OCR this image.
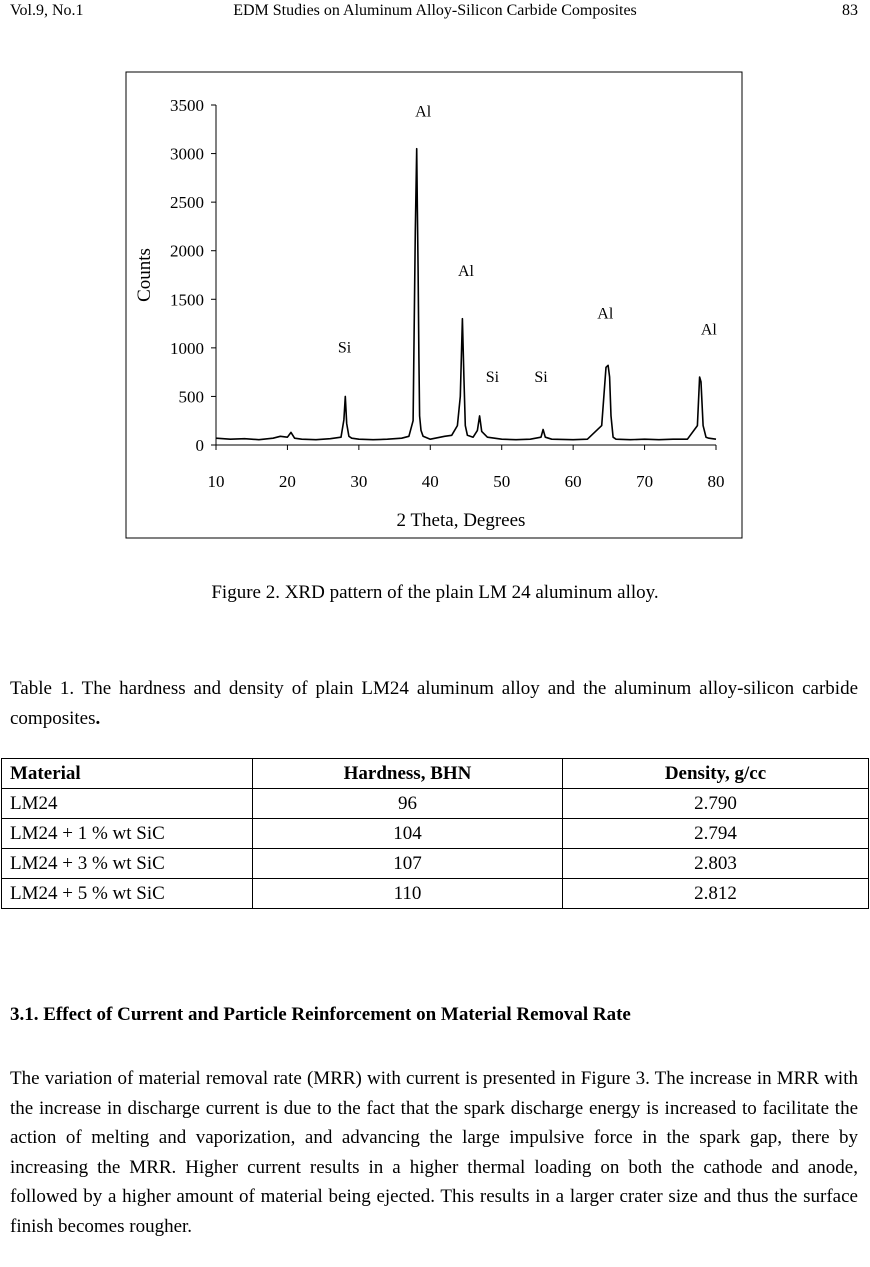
Vol.9, No.1	EDM Studies on Aluminum Alloy-Silicon Carbide Composites	83
0
500
1000
1500
2000
2500
3000
3500
10	20	30	40	50	60	70	80
2 Theta, Degrees
Counts
Si
Al
Al
Si Si
Al
Al
Figure 2. XRD pattern of the plain LM 24 aluminum alloy.
Table 1. The hardness and density of plain LM24 aluminum alloy and the aluminum alloy-silicon carbide composites.
Material	Hardness, BHN	Density, g/cc
LM24	96	2.790
LM24 + 1 % wt SiC	104	2.794
LM24 + 3 % wt SiC	107	2.803
LM24 + 5 % wt SiC	110	2.812
3.1. Effect of Current and Particle Reinforcement on Material Removal Rate
The variation of material removal rate (MRR) with current is presented in Figure 3. The increase in MRR with the increase in discharge current is due to the fact that the spark discharge energy is increased to facilitate the action of melting and vaporization, and advancing the large impulsive force in the spark gap, there by increasing the MRR. Higher current results in a higher thermal loading on both the cathode and anode, followed by a higher amount of material being ejected. This results in a larger crater size and thus the surface finish becomes rougher.
